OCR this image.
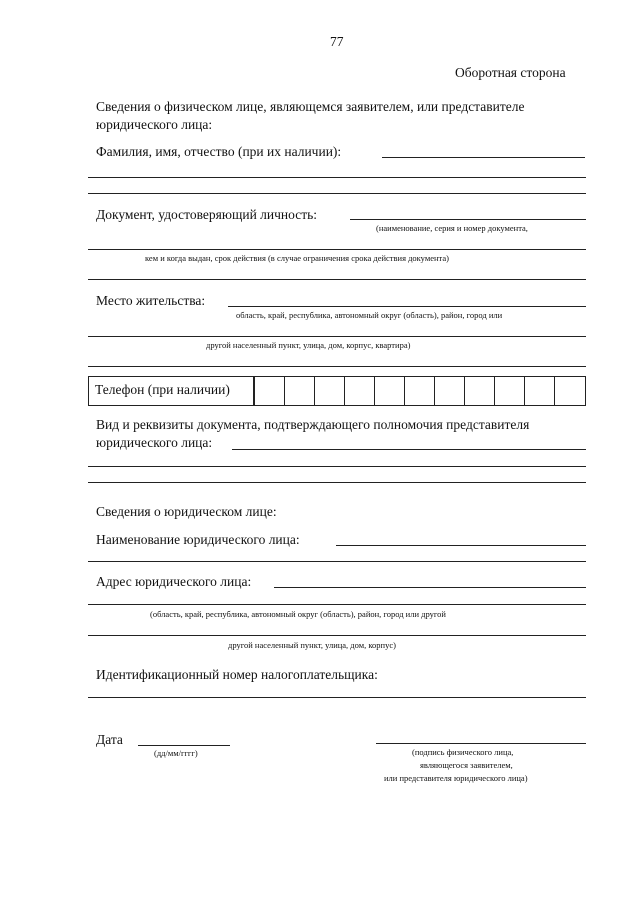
77
Оборотная сторона
Сведения о физическом лице, являющемся заявителем, или представителе
юридического лица:
Фамилия, имя, отчество (при их наличии):
Документ, удостоверяющий личность:
(наименование, серия и номер документа,
кем и когда выдан, срок действия (в случае ограничения срока действия документа)
Место жительства:
область, край, республика, автономный округ (область), район, город или
другой населенный пункт, улица, дом, корпус, квартира)
Телефон (при наличии)
Вид и реквизиты документа, подтверждающего полномочия представителя
юридического лица:
Сведения о юридическом лице:
Наименование юридического лица:
Адрес юридического лица:
(область, край, республика, автономный округ (область), район, город или другой
другой населенный пункт, улица, дом, корпус)
Идентификационный номер налогоплательщика:
Дата
(дд/мм/гггг)	(подпись физического лица,
являющегося заявителем,
или представителя юридического лица)
